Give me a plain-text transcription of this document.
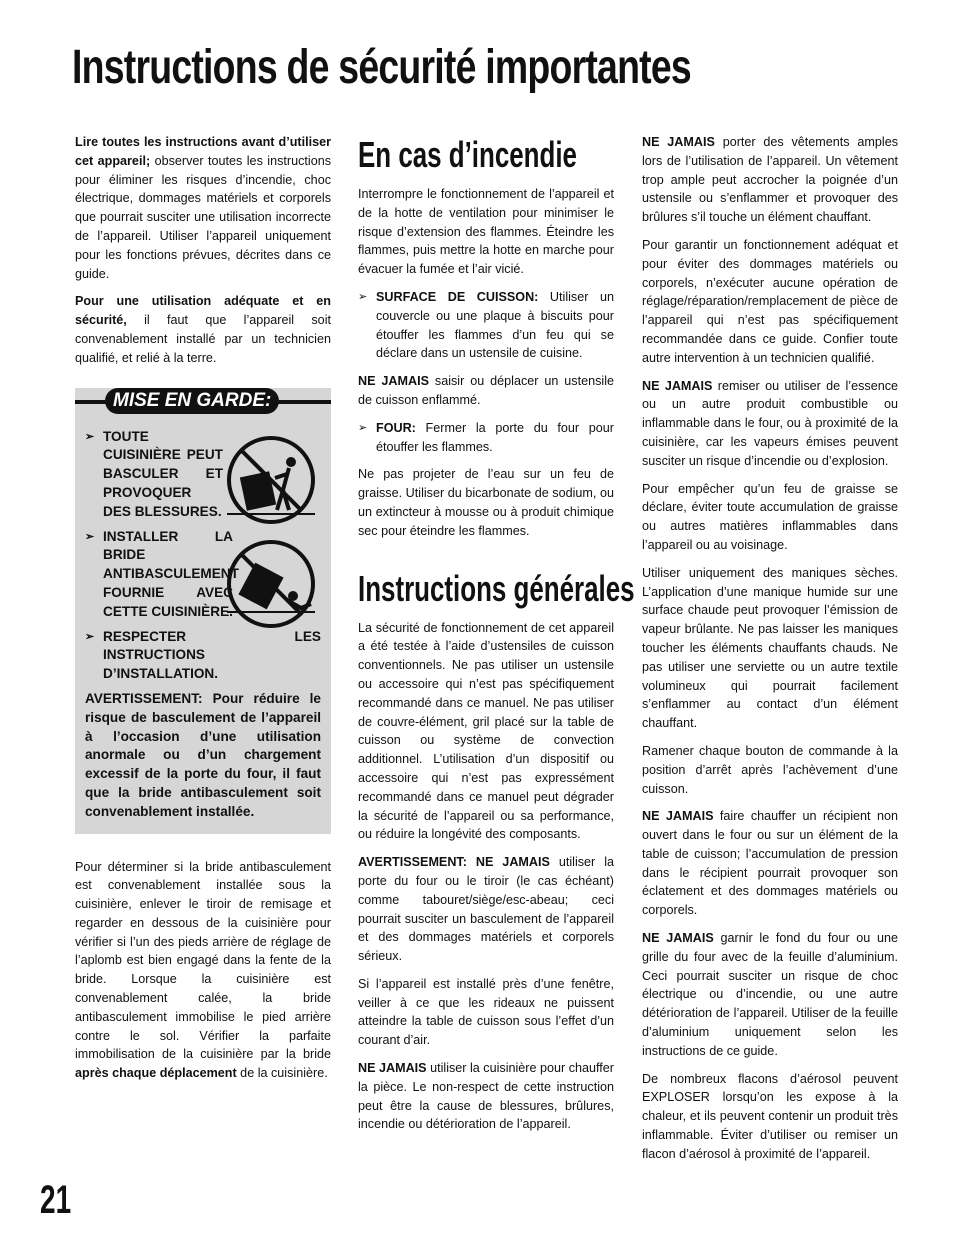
Instructions de sécurité importantes

Lire toutes les instructions avant d’utiliser cet appareil; observer toutes les instructions pour éliminer les risques d’incendie, choc électrique, dommages matériels et corporels que pourrait susciter une utilisation incorrecte de l’appareil. Utiliser l’appareil uniquement pour les fonctions prévues, décrites dans ce guide.

Pour une utilisation adéquate et en sécurité, il faut que l’appareil soit convenablement installé par un technicien qualifié, et relié à la terre.

MISE EN GARDE:
➢ TOUTE CUISINIÈRE PEUT BASCULER ET PROVOQUER DES BLESSURES.
➢ INSTALLER LA BRIDE ANTIBASCULEMENT FOURNIE AVEC CETTE CUISINIÈRE.
➢ RESPECTER LES INSTRUCTIONS D’INSTALLATION.
AVERTISSEMENT: Pour réduire le risque de basculement de l’appareil à l’occasion d’une utilisation anormale ou d’un chargement excessif de la porte du four, il faut que la bride antibasculement soit convenablement installée.

Pour déterminer si la bride antibasculement est convenablement installée sous la cuisinière, enlever le tiroir de remisage et regarder en dessous de la cuisinière pour vérifier si l’un des pieds arrière de réglage de l’aplomb est bien engagé dans la fente de la bride. Lorsque la cuisinière est convenablement calée, la bride antibasculement immobilise le pied arrière contre le sol. Vérifier la parfaite immobilisation de la cuisinière par la bride après chaque déplacement de la cuisinière.

En cas d’incendie

Interrompre le fonctionnement de l’appareil et de la hotte de ventilation pour minimiser le risque d’extension des flammes. Éteindre les flammes, puis mettre la hotte en marche pour évacuer la fumée et l’air vicié.

➢ SURFACE DE CUISSON: Utiliser un couvercle ou une plaque à biscuits pour étouffer les flammes d’un feu qui se déclare dans un ustensile de cuisine.

NE JAMAIS saisir ou déplacer un ustensile de cuisson enflammé.

➢ FOUR: Fermer la porte du four pour étouffer les flammes.

Ne pas projeter de l’eau sur un feu de graisse. Utiliser du bicarbonate de sodium, ou un extincteur à mousse ou à produit chimique sec pour éteindre les flammes.

Instructions générales

La sécurité de fonctionnement de cet appareil a été testée à l’aide d’ustensiles de cuisson conventionnels. Ne pas utiliser un ustensile ou accessoire qui n’est pas spécifiquement recommandé dans ce manuel. Ne pas utiliser de couvre-élément, gril placé sur la table de cuisson ou système de convection additionnel. L’utilisation d’un dispositif ou accessoire qui n’est pas expressément recommandé dans ce manuel peut dégrader la sécurité de l’appareil ou sa performance, ou réduire la longévité des composants.

AVERTISSEMENT: NE JAMAIS utiliser la porte du four ou le tiroir (le cas échéant) comme tabouret/siège/esc-abeau; ceci pourrait susciter un basculement de l’appareil et des dommages matériels et corporels sérieux.

Si l’appareil est installé près d’une fenêtre, veiller à ce que les rideaux ne puissent atteindre la table de cuisson sous l’effet d’un courant d’air.

NE JAMAIS utiliser la cuisinière pour chauffer la pièce. Le non-respect de cette instruction peut être la cause de blessures, brûlures, incendie ou détérioration de l’appareil.

NE JAMAIS porter des vêtements amples lors de l’utilisation de l’appareil. Un vêtement trop ample peut accrocher la poignée d’un ustensile ou s’enflammer et provoquer des brûlures s’il touche un élément chauffant.

Pour garantir un fonctionnement adéquat et pour éviter des dommages matériels ou corporels, n’exécuter aucune opération de réglage/réparation/remplacement de pièce de l’appareil qui n’est pas spécifiquement recommandée dans ce guide. Confier toute autre intervention à un technicien qualifié.

NE JAMAIS remiser ou utiliser de l’essence ou un autre produit combustible ou inflammable dans le four, ou à proximité de la cuisinière, car les vapeurs émises peuvent susciter un risque d’incendie ou d’explosion.

Pour empêcher qu’un feu de graisse se déclare, éviter toute accumulation de graisse ou autres matières inflammables dans l’appareil ou au voisinage.

Utiliser uniquement des maniques sèches. L’application d’une manique humide sur une surface chaude peut provoquer l’émission de vapeur brûlante. Ne pas laisser les maniques toucher les éléments chauffants chauds. Ne pas utiliser une serviette ou un autre textile volumineux qui pourrait facilement s’enflammer au contact d’un élément chauffant.

Ramener chaque bouton de commande à la position d’arrêt après l’achèvement d’une cuisson.

NE JAMAIS faire chauffer un récipient non ouvert dans le four ou sur un élément de la table de cuisson; l’accumulation de pression dans le récipient pourrait provoquer son éclatement et des dommages matériels ou corporels.

NE JAMAIS garnir le fond du four ou une grille du four avec de la feuille d’aluminium. Ceci pourrait susciter un risque de choc électrique ou d’incendie, ou une autre détérioration de l’appareil. Utiliser de la feuille d’aluminium uniquement selon les instructions de ce guide.

De nombreux flacons d’aérosol peuvent EXPLOSER lorsqu’on les expose à la chaleur, et ils peuvent contenir un produit très inflammable. Éviter d’utiliser ou remiser un flacon d’aérosol à proximité de l’appareil.

21
